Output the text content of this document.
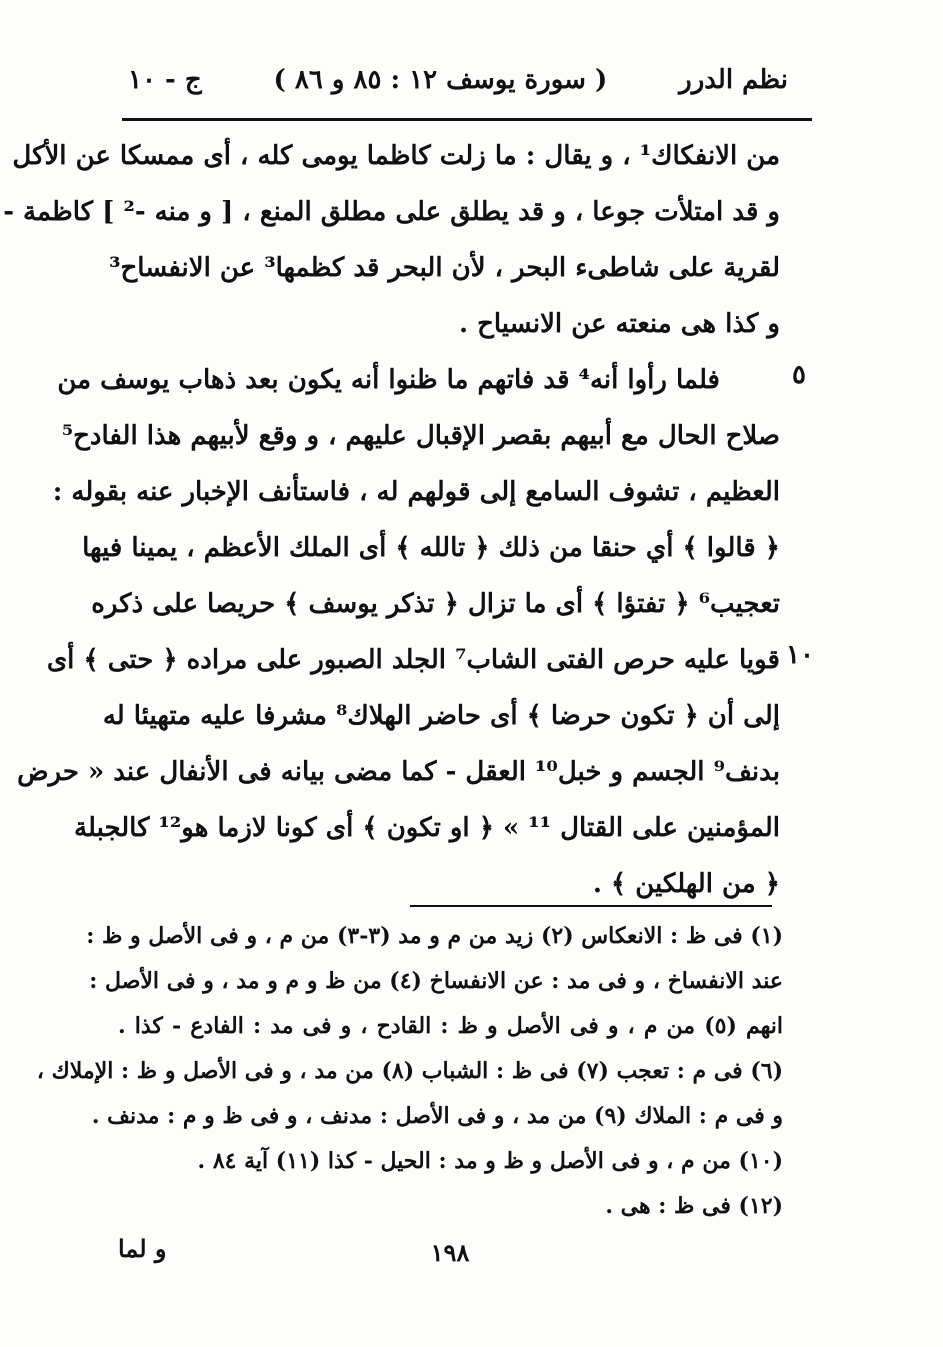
نظم الدرر
( سورة يوسف ١٢ : ٨٥ و ٨٦ )
ج - ١٠
من الانفكاك¹ ، و يقال : ما زلت كاظما يومى كله ، أى ممسكا عن الأكل
و قد امتلأت جوعا ، و قد يطلق على مطلق المنع ، [ و منه -² ] كاظمة -
لقرية على شاطىء البحر ، لأن البحر قد كظمها³ عن الانفساح³
و كذا هى منعته عن الانسياح .
فلما رأوا أنه⁴ قد فاتهم ما ظنوا أنه يكون بعد ذهاب يوسف من
صلاح الحال مع أبيهم بقصر الإقبال عليهم ، و وقع لأبيهم هذا الفادح⁵
العظيم ، تشوف السامع إلى قولهم له ، فاستأنف الإخبار عنه بقوله :
﴿ قالوا ﴾ أي حنقا من ذلك ﴿ تالله ﴾ أى الملك الأعظم ، يمينا فيها
تعجيب⁶ ﴿ تفتؤا ﴾ أى ما تزال ﴿ تذكر يوسف ﴾ حريصا على ذكره
قويا عليه حرص الفتى الشاب⁷ الجلد الصبور على مراده ﴿ حتى ﴾ أى
إلى أن ﴿ تكون حرضا ﴾ أى حاضر الهلاك⁸ مشرفا عليه متهيئا له
بدنف⁹ الجسم و خبل¹⁰ العقل - كما مضى بيانه فى الأنفال عند « حرض
المؤمنين على القتال ¹¹ » ﴿ او تكون ﴾ أى كونا لازما هو¹² كالجبلة
﴿ من الهلكين ﴾ .
٥
١٠
(١) فى ظ : الانعكاس (٢) زيد من م و مد (٣-٣) من م ، و فى الأصل و ظ :
عند الانفساخ ، و فى مد : عن الانفساخ (٤) من ظ و م و مد ، و فى الأصل :
انهم (٥) من م ، و فى الأصل و ظ : القادح ، و فى مد : الفادع - كذا .
(٦) فى م : تعجب (٧) فى ظ : الشباب (٨) من مد ، و فى الأصل و ظ : الإملاك ،
و فى م : الملاك (٩) من مد ، و فى الأصل : مدنف ، و فى ظ و م : مدنف .
(١٠) من م ، و فى الأصل و ظ و مد : الحيل - كذا (١١) آية ٨٤ .
(١٢) فى ظ : هى .
١٩٨
و لما
